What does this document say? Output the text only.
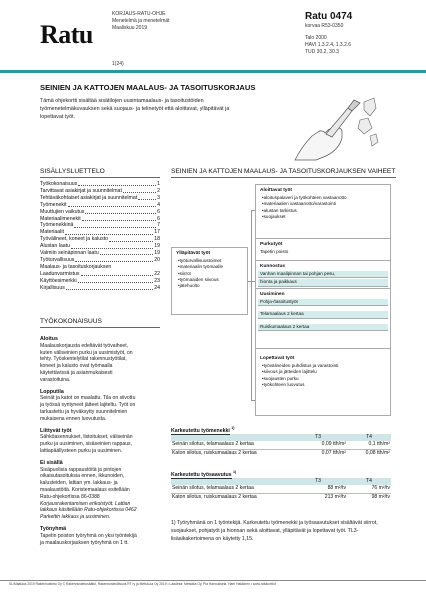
Ratu
KORJAUS-RATU-OHJE
Menetelmä ja menetelmät
Maaliskuu 2019
1(24)
Ratu 0474
korvaa R53-0350
Talo 2000
HAVI 1.3.2.4, 1.3.2.6
TUD 30.2, 30.3
SEINIEN JA KATTOJEN MAALAUS- JA TASOITUSKORJAUS
Tämä ohjekortti sisältää sisätilojen uusintamaalaus- ja tasoitustöiden työmenetelmäkuvauksen sekä suojaus- ja telinetyöt että aloittavat, ylläpitävät ja lopettavat työt.
SISÄLLYSLUETTELO
Työkokonaisuus	1
Tarvittavat asiakirjat ja suunnitelmat	2
Tehtäväkohtaiset asiakirjat ja suunnitelmat	3
Työmenekit	4
Muuttujien vaikutus	6
Materiaalimenekit	6
Työmenekkinä	7
Materiaalit	17
Työvälineet, koneet ja kalusto	18
Alustan laatu	19
Valmiin seinäpinnan laatu	19
Työturvallisuus	20
Maalaus- ja tasoituskorjauksen
Laadunvarmistus	22
Käyttöesimerkki	23
Kirjallisuus	24
TYÖKOKONAISUUS
Aloitus

Maalauskorjausta edeltävät työvaiheet,

kuten väliseinien purku ja uusimistyöt, on

tehty. Työskentelytilat rakennustyötilat,

koneet ja kalusto ovat työmaalla

käytettävissä ja asianmukaisesti

varastoituina.

Lopputila

Seinät ja katot on maalattu. Tila on siivottu

ja työssä syntyneet jätteet lajiteltu. Työt on

tarkastettu ja hyväksytty suunnitelmien

mukaisena ennen luovutusta.

Liittyvät työt

Sähköasennukset, listoitukset, väliseinän

purku ja uusiminen, sisäseinien rappaus,

lattiapäällysteen purku ja uusiminen.

Ei sisällä

Sisäpuolisia rappaustöitä ja pintojen

oikaisutasoituksia ennen, ikkunoiden,

kalusteiden, lattian ym. lakkaus- ja

maalaustöitä. Koristemaalaus esitellään

Ratu-ohjekortissa 86-0388

Korjausrakentamisen erikoistyöt. Lattian

lakkaus käsitellään Ratu-ohjekortissa 0462

Parkettin lakkaus ja uusiminen.

Työnyhmä

Tapetin poiston työryhmä on yksi työntekijä

ja maalauskorjauksen työryhmä on 1 tt.

SEINIEN JA KATTOJEN MAALAUS- JA TASOITUSKORJAUKSEN VAIHEET
Ylläpitävät työt
• työturvallisuustoimet
• materiaalin työmaalle
• siirrot
• työmaaiden siivous
• jätehuolto
Aloittavat työt
• aloituspalaveri ja työkohteen vastaanotto
• materiaalien vastaanotto/varastointi
• alustan tarkistus
• suojaukset
Purkutyöt
Tapetin poisto
Kunnostus
Vanhan maalipinnan tai pohjan pesu,
hionta ja paikkaus
Uusiminen
Pohja-/tasoitustyöt
Telamaalaus 2 kertaa
Ruiskumaalaus 2 kertaa
Lopettavat työt
• työvälineiden puhdistus ja varastointi
• siivous ja jätteiden lajittelu
• suojausten purku
• työkohteen luovutus
Karkeutettu työmenekki $^{1)}$
	T3	T4
Seinän silotus, telamaalaus 2 kertaa	0,09 tth/m²	0,1 tth/m²
Katon silotus, ruiskumaalaus 2 kertaa	0,07 tth/m²	0,08 tth/m²
Karkeutettu työsaavutus $^{1)}$
	T3	T4
Seinän silotus, telamaalaus 2 kertaa	88 m²/tv	76 m²/tv
Katon silotus, ruiskumaalaus 2 kertaa	213 m²/tv	98 m²/tv
1) Työryhmänä on 1 työntekijä. Karkeutettu työmenekki ja työsaavutukset sisältävät siirrot, suojaukset, pohjatyöt ja hionnan sekä aloittavat, ylläpitävät ja lopettavat työt. TL3-lisäaikakertoimena on käytetty 1,15.
SL/Maalaus 2019 Rakennustieto Oy © Rakennustietosäätiö, Rakennusteollisuus RT ry ja Metsä-ka Oy 2019 • Laadinta: Metsäka Oy, Pia Hannuksela, Harri Hakkinen • www.ratukortti.fi
